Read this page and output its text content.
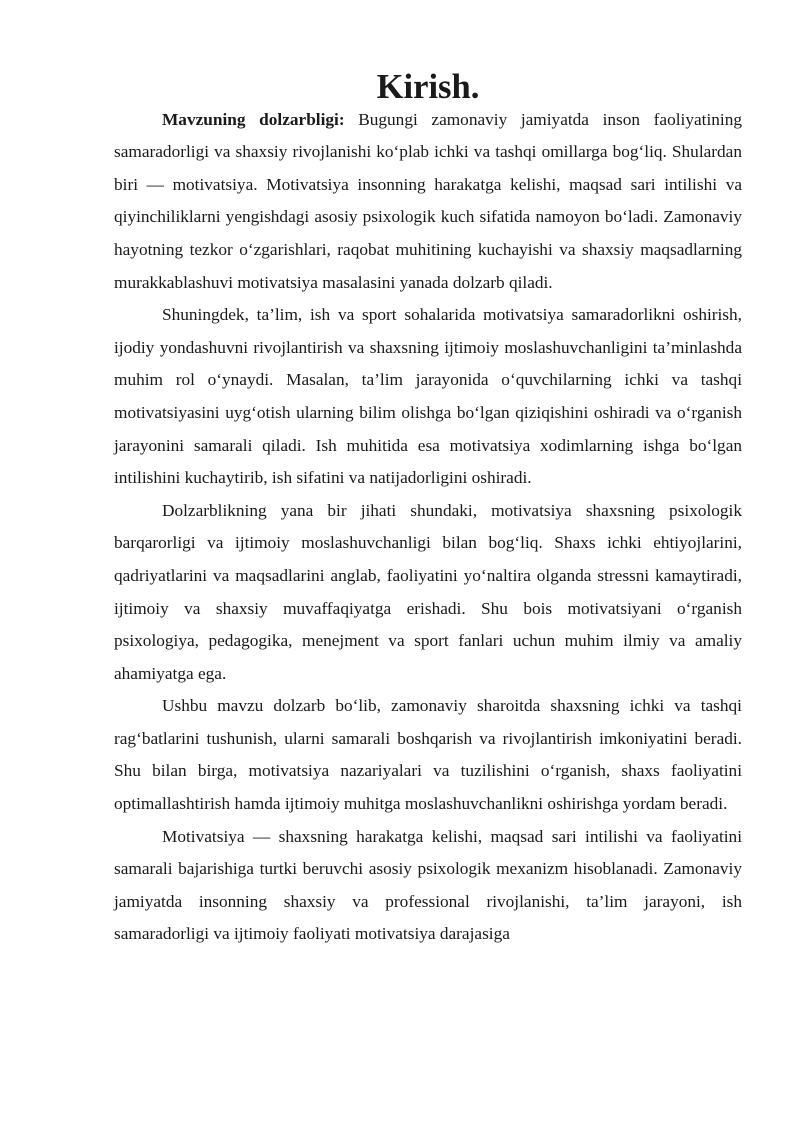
Kirish.

Mavzuning dolzarbligi: Bugungi zamonaviy jamiyatda inson faoliyatining samaradorligi va shaxsiy rivojlanishi ko‘plab ichki va tashqi omillarga bog‘liq. Shulardan biri — motivatsiya. Motivatsiya insonning harakatga kelishi, maqsad sari intilishi va qiyinchiliklarni yengishdagi asosiy psixologik kuch sifatida namoyon bo‘ladi. Zamonaviy hayotning tezkor o‘zgarishlari, raqobat muhitining kuchayishi va shaxsiy maqsadlarning murakkablashuvi motivatsiya masalasini yanada dolzarb qiladi.

Shuningdek, ta’lim, ish va sport sohalarida motivatsiya samaradorlikni oshirish, ijodiy yondashuvni rivojlantirish va shaxsning ijtimoiy moslashuvchanligini ta’minlashda muhim rol o‘ynaydi. Masalan, ta’lim jarayonida o‘quvchilarning ichki va tashqi motivatsiyasini uyg‘otish ularning bilim olishga bo‘lgan qiziqishini oshiradi va o‘rganish jarayonini samarali qiladi. Ish muhitida esa motivatsiya xodimlarning ishga bo‘lgan intilishini kuchaytirib, ish sifatini va natijadorligini oshiradi.

Dolzarblikning yana bir jihati shundaki, motivatsiya shaxsning psixologik barqarorligi va ijtimoiy moslashuvchanligi bilan bog‘liq. Shaxs ichki ehtiyojlarini, qadriyatlarini va maqsadlarini anglab, faoliyatini yo‘naltira olganda stressni kamaytiradi, ijtimoiy va shaxsiy muvaffaqiyatga erishadi. Shu bois motivatsiyani o‘rganish psixologiya, pedagogika, menejment va sport fanlari uchun muhim ilmiy va amaliy ahamiyatga ega.

Ushbu mavzu dolzarb bo‘lib, zamonaviy sharoitda shaxsning ichki va tashqi rag‘batlarini tushunish, ularni samarali boshqarish va rivojlantirish imkoniyatini beradi. Shu bilan birga, motivatsiya nazariyalari va tuzilishini o‘rganish, shaxs faoliyatini optimallashtirish hamda ijtimoiy muhitga moslashuvchanlikni oshirishga yordam beradi.

Motivatsiya — shaxsning harakatga kelishi, maqsad sari intilishi va faoliyatini samarali bajarishiga turtki beruvchi asosiy psixologik mexanizm hisoblanadi. Zamonaviy jamiyatda insonning shaxsiy va professional rivojlanishi, ta’lim jarayoni, ish samaradorligi va ijtimoiy faoliyati motivatsiya darajasiga
